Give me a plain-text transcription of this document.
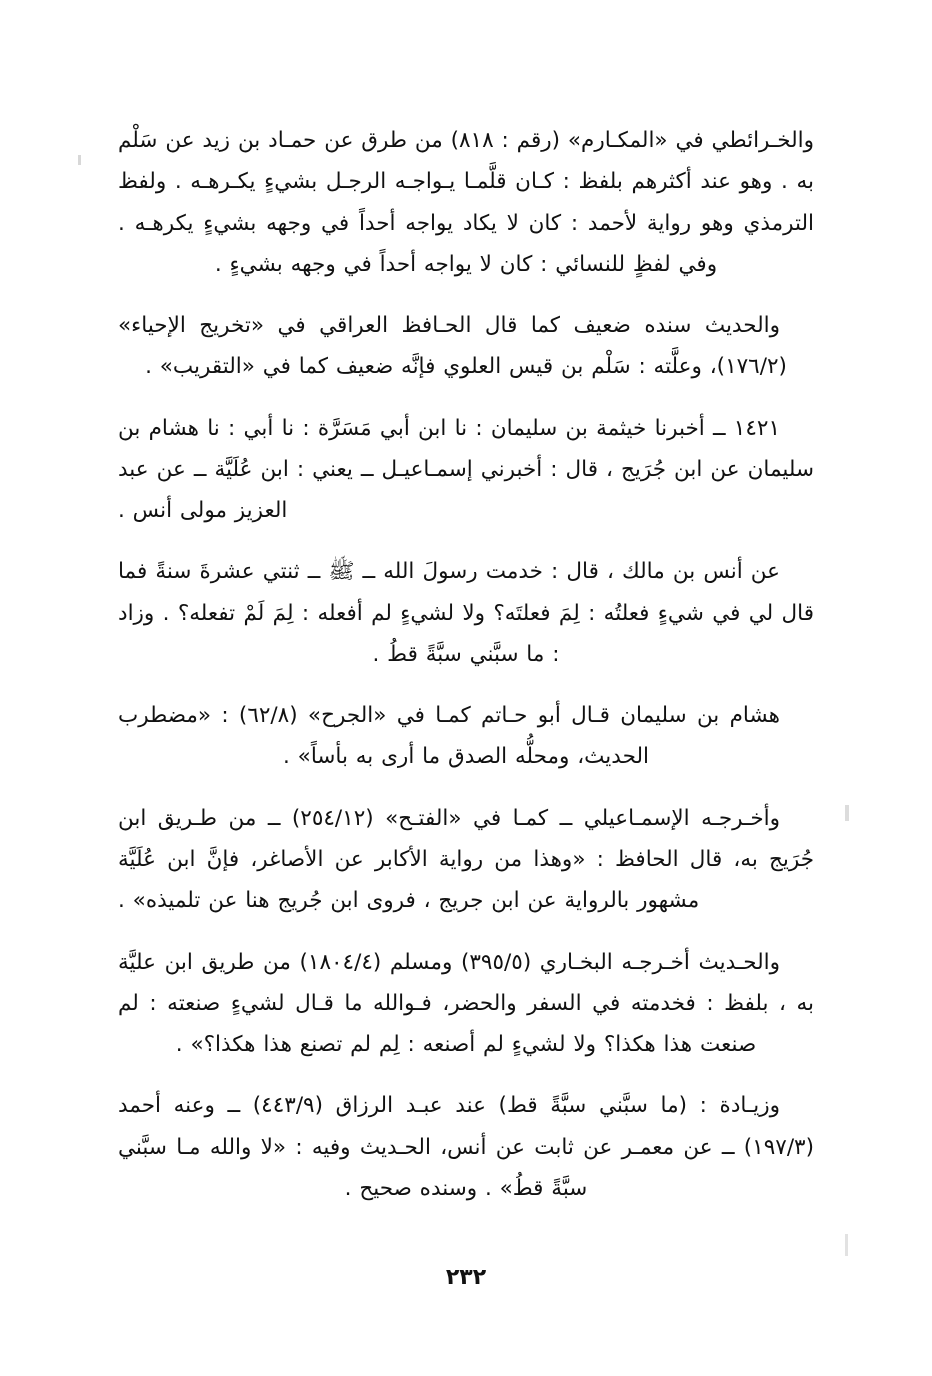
والخـرائطي في «المكـارم» (رقم : ٨١٨) من طرق عن حمـاد بن زيد عن سَلْم به . وهو عند أكثرهم بلفظ : كـان قلَّمـا يـواجـه الرجـل بشيءٍ يكـرهـه . ولفظ الترمذي وهو رواية لأحمد : كان لا يكاد يواجه أحداً في وجهه بشيءٍ يكرهـه . وفي لفظٍ للنسائي : كان لا يواجه أحداً في وجهه بشيءٍ .

والحديث سنده ضعيف كما قال الحـافظ العراقي في «تخريج الإحياء» (١٧٦/٢)، وعلَّته : سَلْم بن قيس العلوي فإنَّه ضعيف كما في «التقريب» .

١٤٢١ ــ أخبرنا خيثمة بن سليمان : نا ابن أبي مَسَرَّة : نا أبي : نا هشام بن سليمان عن ابن جُرَيج ، قال : أخبرني إسمـاعيـل ــ يعني : ابن عُلَيَّة ــ عن عبد العزيز مولى أنس .

عن أنس بن مالك ، قال : خدمت رسولَ الله ــ ﷺ ــ ثنتي عشرةَ سنةً فما قال لي في شيءٍ فعلتُه : لِمَ فعلتَه؟ ولا لشيءٍ لم أفعله : لِمَ لَمْ تفعله؟ . وزاد : ما سبَّني سبَّةً قطُ .

هشام بن سليمان قـال أبو حـاتم كمـا في «الجرح» (٦٢/٨) : «مضطرب الحديث، ومحلُّه الصدق ما أرى به بأساً» .

وأخـرجـه الإسمـاعيلي ــ كمـا في «الفتـح» (٢٥٤/١٢) ــ من طـريق ابن جُرَيج به، قال الحافظ : «وهذا من رواية الأكابر عن الأصاغر، فإنَّ ابن عُلَيَّة مشهور بالرواية عن ابن جريج ، فروى ابن جُريج هنا عن تلميذه» .

والحـديث أخـرجـه البخـاري (٣٩٥/٥) ومسلم (١٨٠٤/٤) من طريق ابن عليَّة به ، بلفظ : فخدمته في السفر والحضر، فـوالله ما قـال لشيءٍ صنعته : لم صنعت هذا هكذا؟ ولا لشيءٍ لم أصنعه : لِم لم تصنع هذا هكذا؟» .

وزيـادة : (ما سبَّني سبَّةً قط) عند عبـد الرزاق (٤٤٣/٩) ــ وعنه أحمد (١٩٧/٣) ــ عن معمـر عن ثابت عن أنس، الحـديث وفيه : «لا والله مـا سبَّني سبَّةً قطُ» . وسنده صحيح .

٢٣٢
